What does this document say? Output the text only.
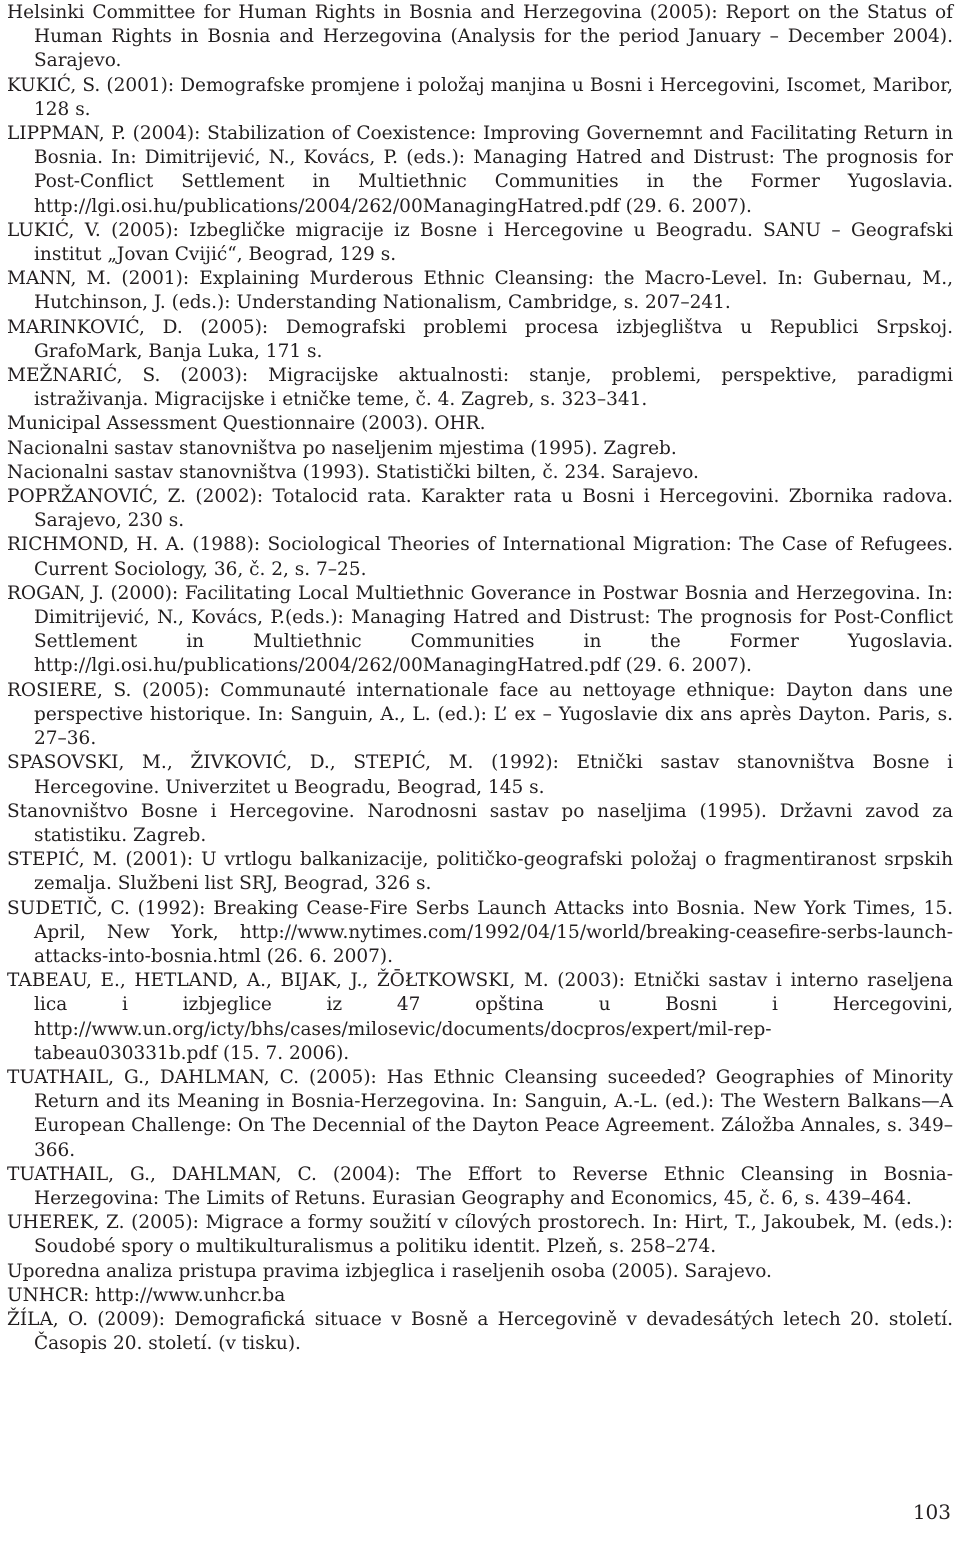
Helsinki Committee for Human Rights in Bosnia and Herzegovina (2005): Report on the Status of Human Rights in Bosnia and Herzegovina (Analysis for the period January – December 2004). Sarajevo.

KUKIĆ, S. (2001): Demografske promjene i položaj manjina u Bosni i Hercegovini, Iscomet, Maribor, 128 s.

LIPPMAN, P. (2004): Stabilization of Coexistence: Improving Governemnt and Facilitating Return in Bosnia. In: Dimitrijević, N., Kovács, P. (eds.): Managing Hatred and Distrust: The prognosis for Post-Conflict Settlement in Multiethnic Communities in the Former Yugoslavia. http://lgi.osi.hu/publications/2004/262/00ManagingHatred.pdf (29. 6. 2007).

LUKIĆ, V. (2005): Izbegličke migracije iz Bosne i Hercegovine u Beogradu. SANU – Geografski institut „Jovan Cvijić“, Beograd, 129 s.

MANN, M. (2001): Explaining Murderous Ethnic Cleansing: the Macro-Level. In: Gubernau, M., Hutchinson, J. (eds.): Understanding Nationalism, Cambridge, s. 207–241.

MARINKOVIĆ, D. (2005): Demografski problemi procesa izbjeglištva u Republici Srpskoj. GrafoMark, Banja Luka, 171 s.

MEŽNARIĆ, S. (2003): Migracijske aktualnosti: stanje, problemi, perspektive, paradigmi istraživanja. Migracijske i etničke teme, č. 4. Zagreb, s. 323–341.

Municipal Assessment Questionnaire (2003). OHR.

Nacionalni sastav stanovništva po naseljenim mjestima (1995). Zagreb.

Nacionalni sastav stanovništva (1993). Statistički bilten, č. 234. Sarajevo.

POPRŽANOVIĆ, Z. (2002): Totalocid rata. Karakter rata u Bosni i Hercegovini. Zbornika radova. Sarajevo, 230 s.

RICHMOND, H. A. (1988): Sociological Theories of International Migration: The Case of Refugees. Current Sociology, 36, č. 2, s. 7–25.

ROGAN, J. (2000): Facilitating Local Multiethnic Goverance in Postwar Bosnia and Herzegovina. In: Dimitrijević, N., Kovács, P.(eds.): Managing Hatred and Distrust: The prognosis for Post-Conflict Settlement in Multiethnic Communities in the Former Yugoslavia. http://lgi.osi.hu/publications/2004/262/00ManagingHatred.pdf (29. 6. 2007).

ROSIERE, S. (2005): Communauté internationale face au nettoyage ethnique: Dayton dans une perspective historique. In: Sanguin, A., L. (ed.): L’ ex – Yugoslavie dix ans après Dayton. Paris, s. 27–36.

SPASOVSKI, M., ŽIVKOVIĆ, D., STEPIĆ, M. (1992): Etnički sastav stanovništva Bosne i Hercegovine. Univerzitet u Beogradu, Beograd, 145 s.

Stanovništvo Bosne i Hercegovine. Narodnosni sastav po naseljima (1995). Državni zavod za statistiku. Zagreb.

STEPIĆ, M. (2001): U vrtlogu balkanizacije, političko-geografski položaj o fragmentiranost srpskih zemalja. Službeni list SRJ, Beograd, 326 s.

SUDETIČ, C. (1992): Breaking Cease-Fire Serbs Launch Attacks into Bosnia. New York Times, 15. April, New York, http://www.nytimes.com/1992/04/15/world/breaking-ceasefire-serbs-launch-attacks-into-bosnia.html (26. 6. 2007).

TABEAU, E., HETLAND, A., BIJAK, J., ŽŌŁTKOWSKI, M. (2003): Etnički sastav i interno raseljena lica i izbjeglice iz 47 opština u Bosni i Hercegovini, http://www.un.org/icty/bhs/cases/milosevic/documents/docpros/expert/mil-rep-tabeau030331b.pdf (15. 7. 2006).

TUATHAIL, G., DAHLMAN, C. (2005): Has Ethnic Cleansing suceeded? Geographies of Minority Return and its Meaning in Bosnia-Herzegovina. In: Sanguin, A.-L. (ed.): The Western Balkans—A European Challenge: On The Decennial of the Dayton Peace Agreement. Záložba Annales, s. 349–366.

TUATHAIL, G., DAHLMAN, C. (2004): The Effort to Reverse Ethnic Cleansing in Bosnia-Herzegovina: The Limits of Retuns. Eurasian Geography and Economics, 45, č. 6, s. 439–464.

UHEREK, Z. (2005): Migrace a formy soužití v cílových prostorech. In: Hirt, T., Jakoubek, M. (eds.): Soudobé spory o multikulturalismus a politiku identit. Plzeň, s. 258–274.

Uporedna analiza pristupa pravima izbjeglica i raseljenih osoba (2005). Sarajevo.

UNHCR: http://www.unhcr.ba

ŽÍLA, O. (2009): Demografická situace v Bosně a Hercegovině v devadesátých letech 20. století. Časopis 20. století. (v tisku).

103
